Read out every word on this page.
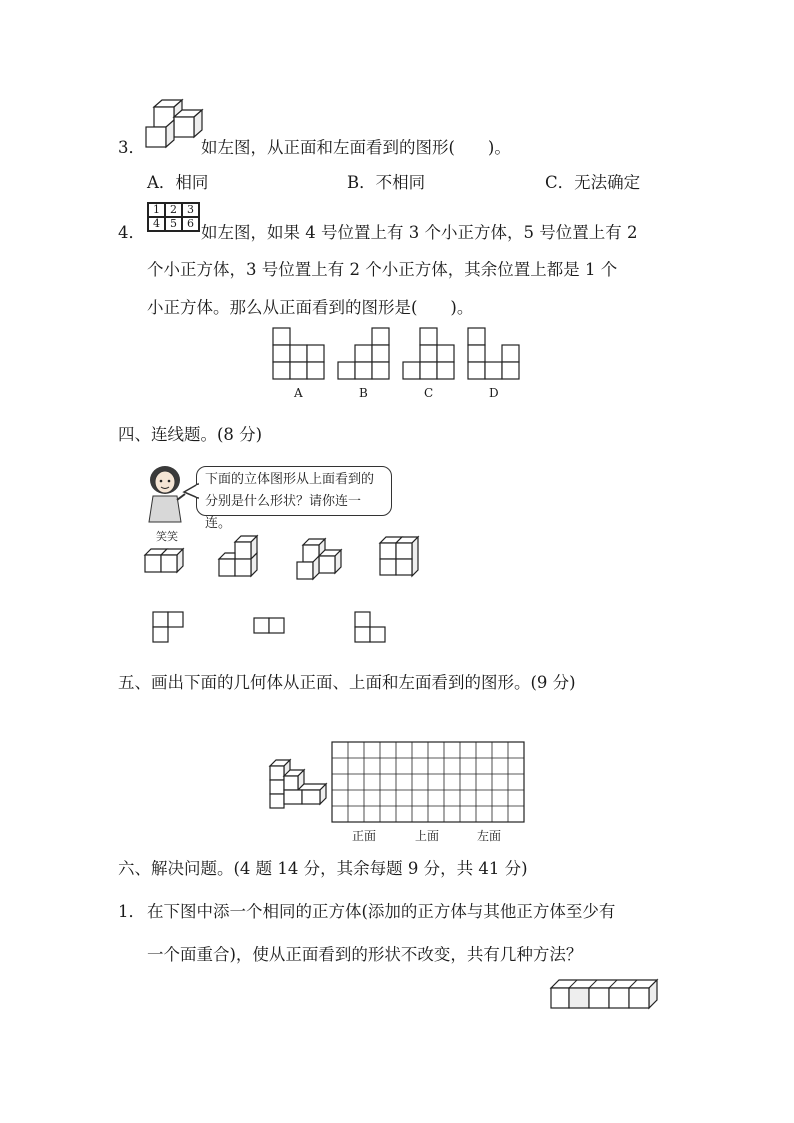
3．	如左图，从正面和左面看到的图形(　　)。
A．相同	B．不相同	C．无法确定
4．
1 2 3
4 5 6 如左图，如果 4 号位置上有 3 个小正方体，5 号位置上有 2
个小正方体，3 号位置上有 2 个小正方体，其余位置上都是 1 个
小正方体。那么从正面看到的图形是(　　)。
A	B	C	D
四、连线题。(8 分)
笑笑
下面的立体图形从上面看到的
分别是什么形状？请你连一连。
五、画出下面的几何体从正面、上面和左面看到的图形。(9 分)
正面	上面	左面
六、解决问题。(4 题 14 分，其余每题 9 分，共 41 分)
1． 在下图中添一个相同的正方体(添加的正方体与其他正方体至少有
一个面重合)，使从正面看到的形状不改变，共有几种方法？
